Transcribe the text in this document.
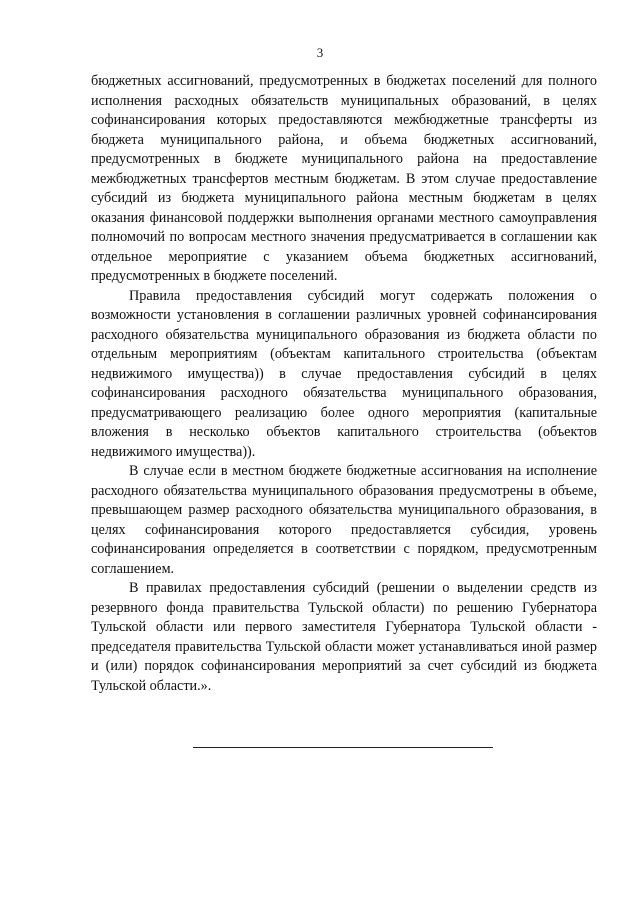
3

бюджетных ассигнований, предусмотренных в бюджетах поселений для полного исполнения расходных обязательств муниципальных образований, в целях софинансирования которых предоставляются межбюджетные трансферты из бюджета муниципального района, и объема бюджетных ассигнований, предусмотренных в бюджете муниципального района на предоставление межбюджетных трансфертов местным бюджетам. В этом случае предоставление субсидий из бюджета муниципального района местным бюджетам в целях оказания финансовой поддержки выполнения органами местного самоуправления полномочий по вопросам местного значения предусматривается в соглашении как отдельное мероприятие с указанием объема бюджетных ассигнований, предусмотренных в бюджете поселений.

Правила предоставления субсидий могут содержать положения о возможности установления в соглашении различных уровней софинансирования расходного обязательства муниципального образования из бюджета области по отдельным мероприятиям (объектам капитального строительства (объектам недвижимого имущества)) в случае предоставления субсидий в целях софинансирования расходного обязательства муниципального образования, предусматривающего реализацию более одного мероприятия (капитальные вложения в несколько объектов капитального строительства (объектов недвижимого имущества)).

В случае если в местном бюджете бюджетные ассигнования на исполнение расходного обязательства муниципального образования предусмотрены в объеме, превышающем размер расходного обязательства муниципального образования, в целях софинансирования которого предоставляется субсидия, уровень софинансирования определяется в соответствии с порядком, предусмотренным соглашением.

В правилах предоставления субсидий (решении о выделении средств из резервного фонда правительства Тульской области) по решению Губернатора Тульской области или первого заместителя Губернатора Тульской области - председателя правительства Тульской области может устанавливаться иной размер и (или) порядок софинансирования мероприятий за счет субсидий из бюджета Тульской области.».
